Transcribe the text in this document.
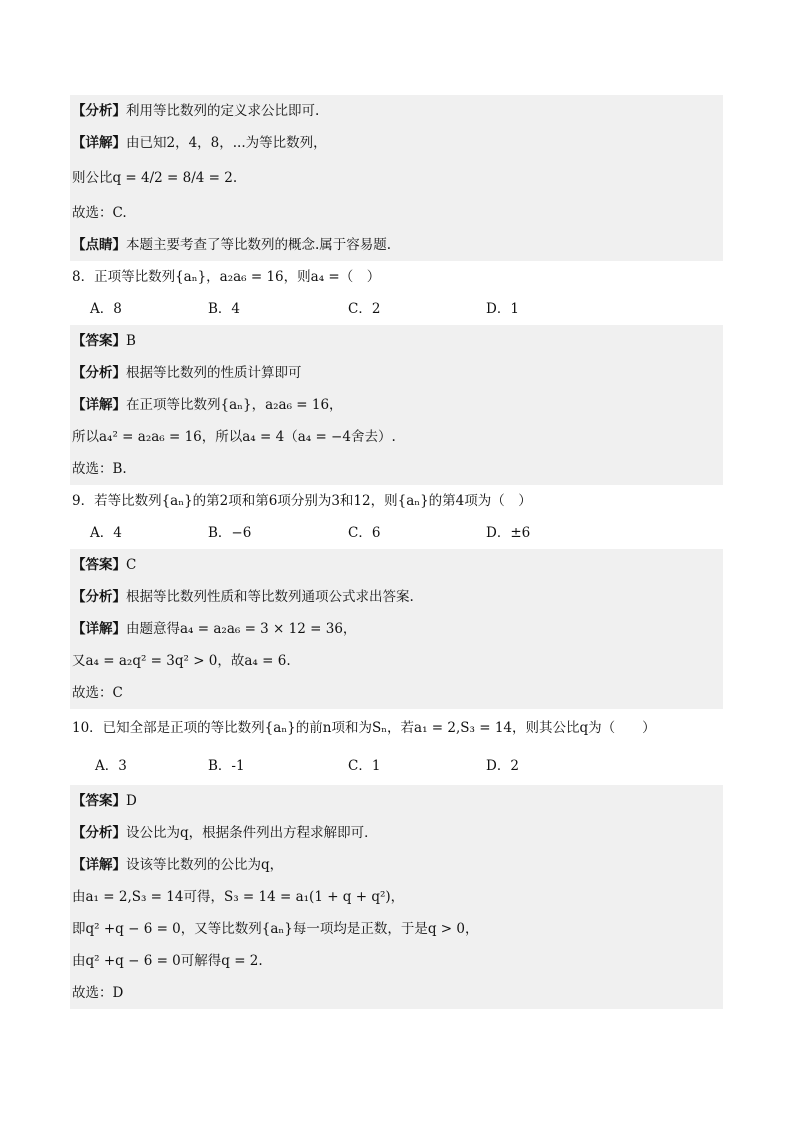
【分析】利用等比数列的定义求公比即可.
【详解】由已知2，4，8，...为等比数列，
则公比q = 4/2 = 8/4 = 2.
故选：C.
【点睛】本题主要考查了等比数列的概念.属于容易题.
8．正项等比数列{aₙ}，a₂a₆ = 16，则a₄ =（　）
A．8	B．4	C．2	D．1
【答案】B
【分析】根据等比数列的性质计算即可
【详解】在正项等比数列{aₙ}，a₂a₆ = 16，
所以a₄² = a₂a₆ = 16，所以a₄ = 4（a₄ = −4舍去）.
故选：B.
9．若等比数列{aₙ}的第2项和第6项分别为3和12，则{aₙ}的第4项为（　）
A．4	B．−6	C．6	D．±6
【答案】C
【分析】根据等比数列性质和等比数列通项公式求出答案.
【详解】由题意得a₄ = a₂a₆ = 3 × 12 = 36，
又a₄ = a₂q² = 3q² > 0，故a₄ = 6.
故选：C
10．已知全部是正项的等比数列{aₙ}的前n项和为Sₙ，若a₁ = 2,S₃ = 14，则其公比q为（　　）
A．3	B．-1	C．1	D．2
【答案】D
【分析】设公比为q，根据条件列出方程求解即可．
【详解】设该等比数列的公比为q，
由a₁ = 2,S₃ = 14可得，S₃ = 14 = a₁(1 + q + q²)，
即q² +q − 6 = 0，又等比数列{aₙ}每一项均是正数，于是q > 0，
由q² +q − 6 = 0可解得q = 2.
故选：D
